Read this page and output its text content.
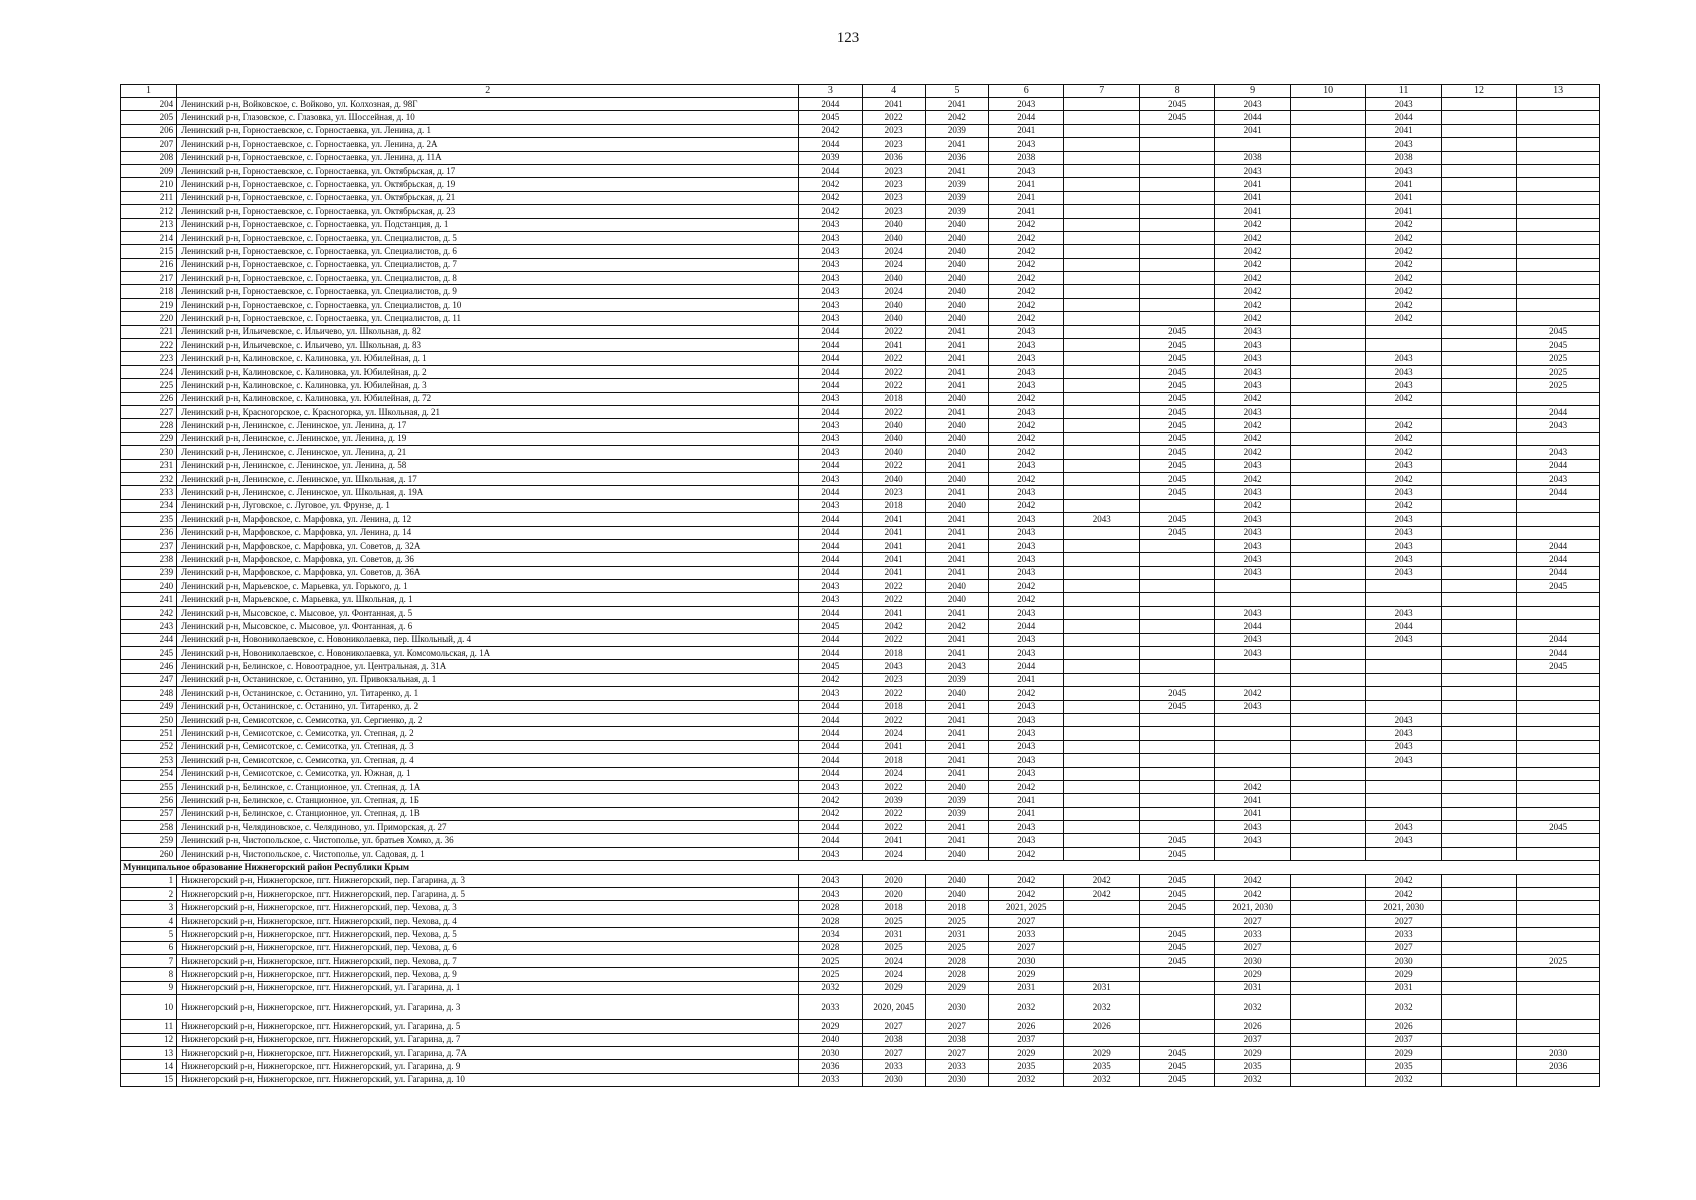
123
1	2	3	4	5	6	7	8	9	10	11	12	13
204	Ленинский р-н, Войковское, с. Войково, ул. Колхозная, д. 98Г	2044	2041	2041	2043		2045	2043		2043		
205	Ленинский р-н, Глазовское, с. Глазовка, ул. Шоссейная, д. 10	2045	2022	2042	2044		2045	2044		2044		
206	Ленинский р-н, Горностаевское, с. Горностаевка, ул. Ленина, д. 1	2042	2023	2039	2041			2041		2041		
207	Ленинский р-н, Горностаевское, с. Горностаевка, ул. Ленина, д. 2А	2044	2023	2041	2043					2043		
208	Ленинский р-н, Горностаевское, с. Горностаевка, ул. Ленина, д. 11А	2039	2036	2036	2038			2038		2038		
209	Ленинский р-н, Горностаевское, с. Горностаевка, ул. Октябрьская, д. 17	2044	2023	2041	2043			2043		2043		
210	Ленинский р-н, Горностаевское, с. Горностаевка, ул. Октябрьская, д. 19	2042	2023	2039	2041			2041		2041		
211	Ленинский р-н, Горностаевское, с. Горностаевка, ул. Октябрьская, д. 21	2042	2023	2039	2041			2041		2041		
212	Ленинский р-н, Горностаевское, с. Горностаевка, ул. Октябрьская, д. 23	2042	2023	2039	2041			2041		2041		
213	Ленинский р-н, Горностаевское, с. Горностаевка, ул. Подстанция, д. 1	2043	2040	2040	2042			2042		2042		
214	Ленинский р-н, Горностаевское, с. Горностаевка, ул. Специалистов, д. 5	2043	2040	2040	2042			2042		2042		
215	Ленинский р-н, Горностаевское, с. Горностаевка, ул. Специалистов, д. 6	2043	2024	2040	2042			2042		2042		
216	Ленинский р-н, Горностаевское, с. Горностаевка, ул. Специалистов, д. 7	2043	2024	2040	2042			2042		2042		
217	Ленинский р-н, Горностаевское, с. Горностаевка, ул. Специалистов, д. 8	2043	2040	2040	2042			2042		2042		
218	Ленинский р-н, Горностаевское, с. Горностаевка, ул. Специалистов, д. 9	2043	2024	2040	2042			2042		2042		
219	Ленинский р-н, Горностаевское, с. Горностаевка, ул. Специалистов, д. 10	2043	2040	2040	2042			2042		2042		
220	Ленинский р-н, Горностаевское, с. Горностаевка, ул. Специалистов, д. 11	2043	2040	2040	2042			2042		2042		
221	Ленинский р-н, Ильичевское, с. Ильичево, ул. Школьная, д. 82	2044	2022	2041	2043		2045	2043				2045
222	Ленинский р-н, Ильичевское, с. Ильичево, ул. Школьная, д. 83	2044	2041	2041	2043		2045	2043				2045
223	Ленинский р-н, Калиновское, с. Калиновка, ул. Юбилейная, д. 1	2044	2022	2041	2043		2045	2043		2043		2025
224	Ленинский р-н, Калиновское, с. Калиновка, ул. Юбилейная, д. 2	2044	2022	2041	2043		2045	2043		2043		2025
225	Ленинский р-н, Калиновское, с. Калиновка, ул. Юбилейная, д. 3	2044	2022	2041	2043		2045	2043		2043		2025
226	Ленинский р-н, Калиновское, с. Калиновка, ул. Юбилейная, д. 72	2043	2018	2040	2042		2045	2042		2042		
227	Ленинский р-н, Красногорское, с. Красногорка, ул. Школьная, д. 21	2044	2022	2041	2043		2045	2043				2044
228	Ленинский р-н, Ленинское, с. Ленинское, ул. Ленина, д. 17	2043	2040	2040	2042		2045	2042		2042		2043
229	Ленинский р-н, Ленинское, с. Ленинское, ул. Ленина, д. 19	2043	2040	2040	2042		2045	2042		2042		
230	Ленинский р-н, Ленинское, с. Ленинское, ул. Ленина, д. 21	2043	2040	2040	2042		2045	2042		2042		2043
231	Ленинский р-н, Ленинское, с. Ленинское, ул. Ленина, д. 58	2044	2022	2041	2043		2045	2043		2043		2044
232	Ленинский р-н, Ленинское, с. Ленинское, ул. Школьная, д. 17	2043	2040	2040	2042		2045	2042		2042		2043
233	Ленинский р-н, Ленинское, с. Ленинское, ул. Школьная, д. 19А	2044	2023	2041	2043		2045	2043		2043		2044
234	Ленинский р-н, Луговское, с. Луговое, ул. Фрунзе, д. 1	2043	2018	2040	2042			2042		2042		
235	Ленинский р-н, Марфовское, с. Марфовка, ул. Ленина, д. 12	2044	2041	2041	2043	2043	2045	2043		2043		
236	Ленинский р-н, Марфовское, с. Марфовка, ул. Ленина, д. 14	2044	2041	2041	2043		2045	2043		2043		
237	Ленинский р-н, Марфовское, с. Марфовка, ул. Советов, д. 32А	2044	2041	2041	2043			2043		2043		2044
238	Ленинский р-н, Марфовское, с. Марфовка, ул. Советов, д. 36	2044	2041	2041	2043			2043		2043		2044
239	Ленинский р-н, Марфовское, с. Марфовка, ул. Советов, д. 36А	2044	2041	2041	2043			2043		2043		2044
240	Ленинский р-н, Марьевское, с. Марьевка, ул. Горького, д. 1	2043	2022	2040	2042							2045
241	Ленинский р-н, Марьевское, с. Марьевка, ул. Школьная, д. 1	2043	2022	2040	2042							
242	Ленинский р-н, Мысовское, с. Мысовое, ул. Фонтанная, д. 5	2044	2041	2041	2043			2043		2043		
243	Ленинский р-н, Мысовское, с. Мысовое, ул. Фонтанная, д. 6	2045	2042	2042	2044			2044		2044		
244	Ленинский р-н, Новониколаевское, с. Новониколаевка, пер. Школьный, д. 4	2044	2022	2041	2043			2043		2043		2044
245	Ленинский р-н, Новониколаевское, с. Новониколаевка, ул. Комсомольская, д. 1А	2044	2018	2041	2043			2043				2044
246	Ленинский р-н, Белинское, с. Новоотрадное, ул. Центральная, д. 31А	2045	2043	2043	2044							2045
247	Ленинский р-н, Останинское, с. Останино, ул. Привокзальная, д. 1	2042	2023	2039	2041							
248	Ленинский р-н, Останинское, с. Останино, ул. Титаренко, д. 1	2043	2022	2040	2042		2045	2042				
249	Ленинский р-н, Останинское, с. Останино, ул. Титаренко, д. 2	2044	2018	2041	2043		2045	2043				
250	Ленинский р-н, Семисотское, с. Семисотка, ул. Сергиенко, д. 2	2044	2022	2041	2043					2043		
251	Ленинский р-н, Семисотское, с. Семисотка, ул. Степная, д. 2	2044	2024	2041	2043					2043		
252	Ленинский р-н, Семисотское, с. Семисотка, ул. Степная, д. 3	2044	2041	2041	2043					2043		
253	Ленинский р-н, Семисотское, с. Семисотка, ул. Степная, д. 4	2044	2018	2041	2043					2043		
254	Ленинский р-н, Семисотское, с. Семисотка, ул. Южная, д. 1	2044	2024	2041	2043							
255	Ленинский р-н, Белинское, с. Станционное, ул. Степная, д. 1А	2043	2022	2040	2042			2042				
256	Ленинский р-н, Белинское, с. Станционное, ул. Степная, д. 1Б	2042	2039	2039	2041			2041				
257	Ленинский р-н, Белинское, с. Станционное, ул. Степная, д. 1В	2042	2022	2039	2041			2041				
258	Ленинский р-н, Челядиновское, с. Челядиново, ул. Приморская, д. 27	2044	2022	2041	2043			2043		2043		2045
259	Ленинский р-н, Чистопольское, с. Чистополье, ул. братьев Хомко, д. 36	2044	2041	2041	2043		2045	2043		2043		
260	Ленинский р-н, Чистопольское, с. Чистополье, ул. Садовая, д. 1	2043	2024	2040	2042		2045					
Муниципальное образование Нижнегорский район Республики Крым												
1	Нижнегорский р-н, Нижнегорское, пгт. Нижнегорский, пер. Гагарина, д. 3	2043	2020	2040	2042	2042	2045	2042		2042		
2	Нижнегорский р-н, Нижнегорское, пгт. Нижнегорский, пер. Гагарина, д. 5	2043	2020	2040	2042	2042	2045	2042		2042		
3	Нижнегорский р-н, Нижнегорское, пгт. Нижнегорский, пер. Чехова, д. 3	2028	2018	2018	2021, 2025		2045	2021, 2030		2021, 2030		
4	Нижнегорский р-н, Нижнегорское, пгт. Нижнегорский, пер. Чехова, д. 4	2028	2025	2025	2027			2027		2027		
5	Нижнегорский р-н, Нижнегорское, пгт. Нижнегорский, пер. Чехова, д. 5	2034	2031	2031	2033		2045	2033		2033		
6	Нижнегорский р-н, Нижнегорское, пгт. Нижнегорский, пер. Чехова, д. 6	2028	2025	2025	2027		2045	2027		2027		
7	Нижнегорский р-н, Нижнегорское, пгт. Нижнегорский, пер. Чехова, д. 7	2025	2024	2028	2030		2045	2030		2030		2025
8	Нижнегорский р-н, Нижнегорское, пгт. Нижнегорский, пер. Чехова, д. 9	2025	2024	2028	2029			2029		2029		
9	Нижнегорский р-н, Нижнегорское, пгт. Нижнегорский, ул. Гагарина, д. 1	2032	2029	2029	2031	2031		2031		2031		
10	Нижнегорский р-н, Нижнегорское, пгт. Нижнегорский, ул. Гагарина, д. 3	2033	2020, 2045	2030	2032	2032		2032		2032		
11	Нижнегорский р-н, Нижнегорское, пгт. Нижнегорский, ул. Гагарина, д. 5	2029	2027	2027	2026	2026		2026		2026		
12	Нижнегорский р-н, Нижнегорское, пгт. Нижнегорский, ул. Гагарина, д. 7	2040	2038	2038	2037			2037		2037		
13	Нижнегорский р-н, Нижнегорское, пгт. Нижнегорский, ул. Гагарина, д. 7А	2030	2027	2027	2029	2029	2045	2029		2029		2030
14	Нижнегорский р-н, Нижнегорское, пгт. Нижнегорский, ул. Гагарина, д. 9	2036	2033	2033	2035	2035	2045	2035		2035		2036
15	Нижнегорский р-н, Нижнегорское, пгт. Нижнегорский, ул. Гагарина, д. 10	2033	2030	2030	2032	2032	2045	2032		2032		
